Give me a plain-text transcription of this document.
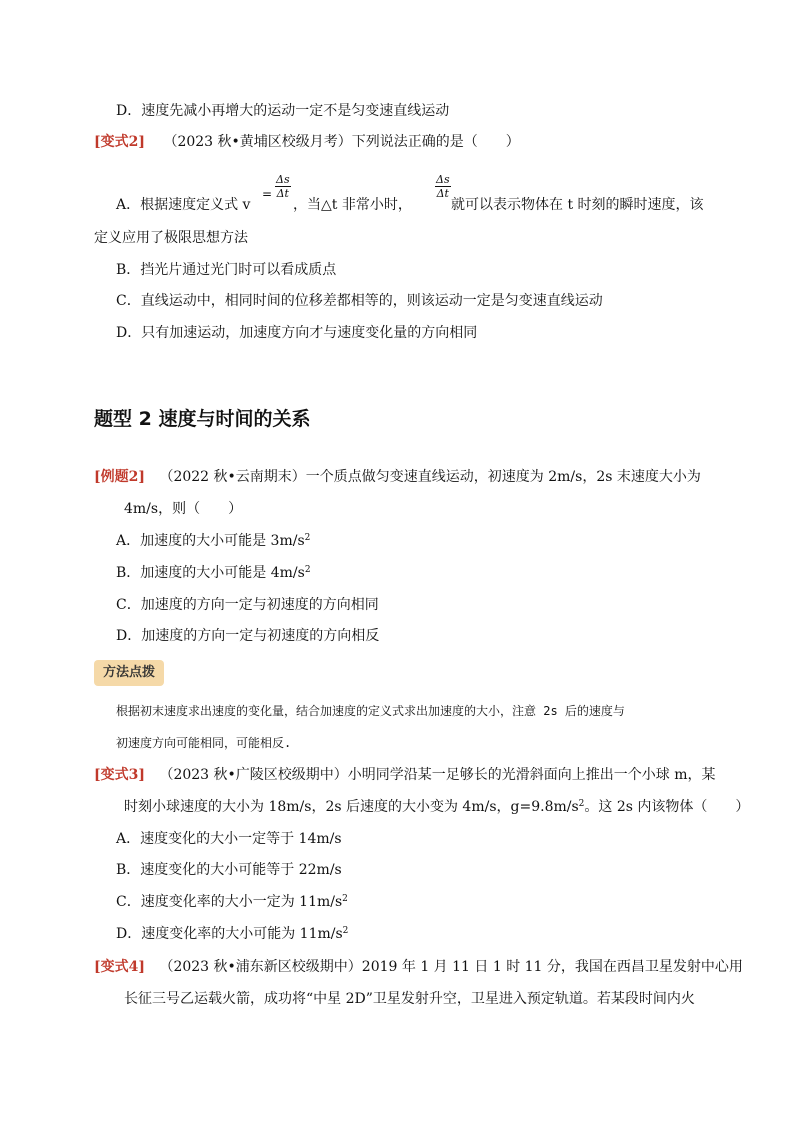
D．速度先减小再增大的运动一定不是匀变速直线运动
[变式2] （2023 秋•黄埔区校级月考）下列说法正确的是（　　）
A．根据速度定义式 v
= $\frac{\Delta s}{\Delta t}$
，当△t 非常小时，
$\frac{\Delta s}{\Delta t}$
就可以表示物体在 t 时刻的瞬时速度，该
定义应用了极限思想方法
B．挡光片通过光门时可以看成质点
C．直线运动中，相同时间的位移差都相等的，则该运动一定是匀变速直线运动
D．只有加速运动，加速度方向才与速度变化量的方向相同
题型 2 速度与时间的关系
[例题2] （2022 秋•云南期末）一个质点做匀变速直线运动，初速度为 2m/s，2s 末速度大小为
4m/s，则（　　）
A．加速度的大小可能是 $3m/s^2$
B．加速度的大小可能是 $4m/s^2$
C．加速度的方向一定与初速度的方向相同
D．加速度的方向一定与初速度的方向相反
方法点拨
根据初末速度求出速度的变化量，结合加速度的定义式求出加速度的大小，注意 2s 后的速度与
初速度方向可能相同，可能相反.
[变式3] （2023 秋•广陵区校级期中）小明同学沿某一足够长的光滑斜面向上推出一个小球 m，某
时刻小球速度的大小为 18m/s，2s 后速度的大小变为 4m/s，$g=9.8m/s^2$。这 2s 内该物体（　　）
A．速度变化的大小一定等于 14m/s
B．速度变化的大小可能等于 22m/s
C．速度变化率的大小一定为 $11m/s^2$
D．速度变化率的大小可能为 $11m/s^2$
[变式4] （2023 秋•浦东新区校级期中）2019 年 1 月 11 日 1 时 11 分，我国在西昌卫星发射中心用
长征三号乙运载火箭，成功将“中星 2D”卫星发射升空，卫星进入预定轨道。若某段时间内火
